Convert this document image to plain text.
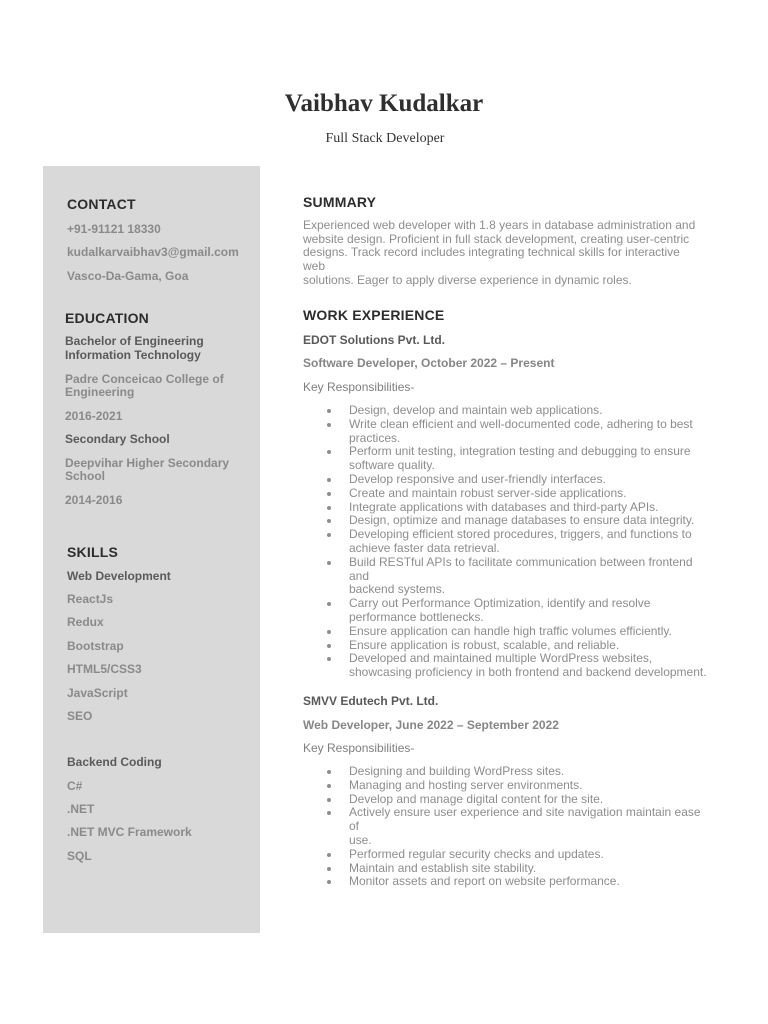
Vaibhav Kudalkar
Full Stack Developer
CONTACT
+91-91121 18330
kudalkarvaibhav3@gmail.com
Vasco-Da-Gama, Goa
EDUCATION
Bachelor of Engineering
Information Technology
Padre Conceicao College of
Engineering
2016-2021
Secondary School
Deepvihar Higher Secondary
School
2014-2016
SKILLS
Web Development
ReactJs
Redux
Bootstrap
HTML5/CSS3
JavaScript
SEO
Backend Coding
C#
.NET
.NET MVC Framework
SQL
SUMMARY

Experienced web developer with 1.8 years in database administration and
website design. Proficient in full stack development, creating user-centric
designs. Track record includes integrating technical skills for interactive web
solutions. Eager to apply diverse experience in dynamic roles.

WORK EXPERIENCE
EDOT Solutions Pvt. Ltd.
Software Developer, October 2022 – Present
Key Responsibilities-
Design, develop and maintain web applications.
Write clean efficient and well-documented code, adhering to best
practices.
Perform unit testing, integration testing and debugging to ensure
software quality.
Develop responsive and user-friendly interfaces.
Create and maintain robust server-side applications.
Integrate applications with databases and third-party APIs.
Design, optimize and manage databases to ensure data integrity.
Developing efficient stored procedures, triggers, and functions to
achieve faster data retrieval.
Build RESTful APIs to facilitate communication between frontend and
backend systems.
Carry out Performance Optimization, identify and resolve
performance bottlenecks.
Ensure application can handle high traffic volumes efficiently.
Ensure application is robust, scalable, and reliable.
Developed and maintained multiple WordPress websites,
showcasing proficiency in both frontend and backend development.
SMVV Edutech Pvt. Ltd.
Web Developer, June 2022 – September 2022
Key Responsibilities-
Designing and building WordPress sites.
Managing and hosting server environments.
Develop and manage digital content for the site.
Actively ensure user experience and site navigation maintain ease of
use.
Performed regular security checks and updates.
Maintain and establish site stability.
Monitor assets and report on website performance.
